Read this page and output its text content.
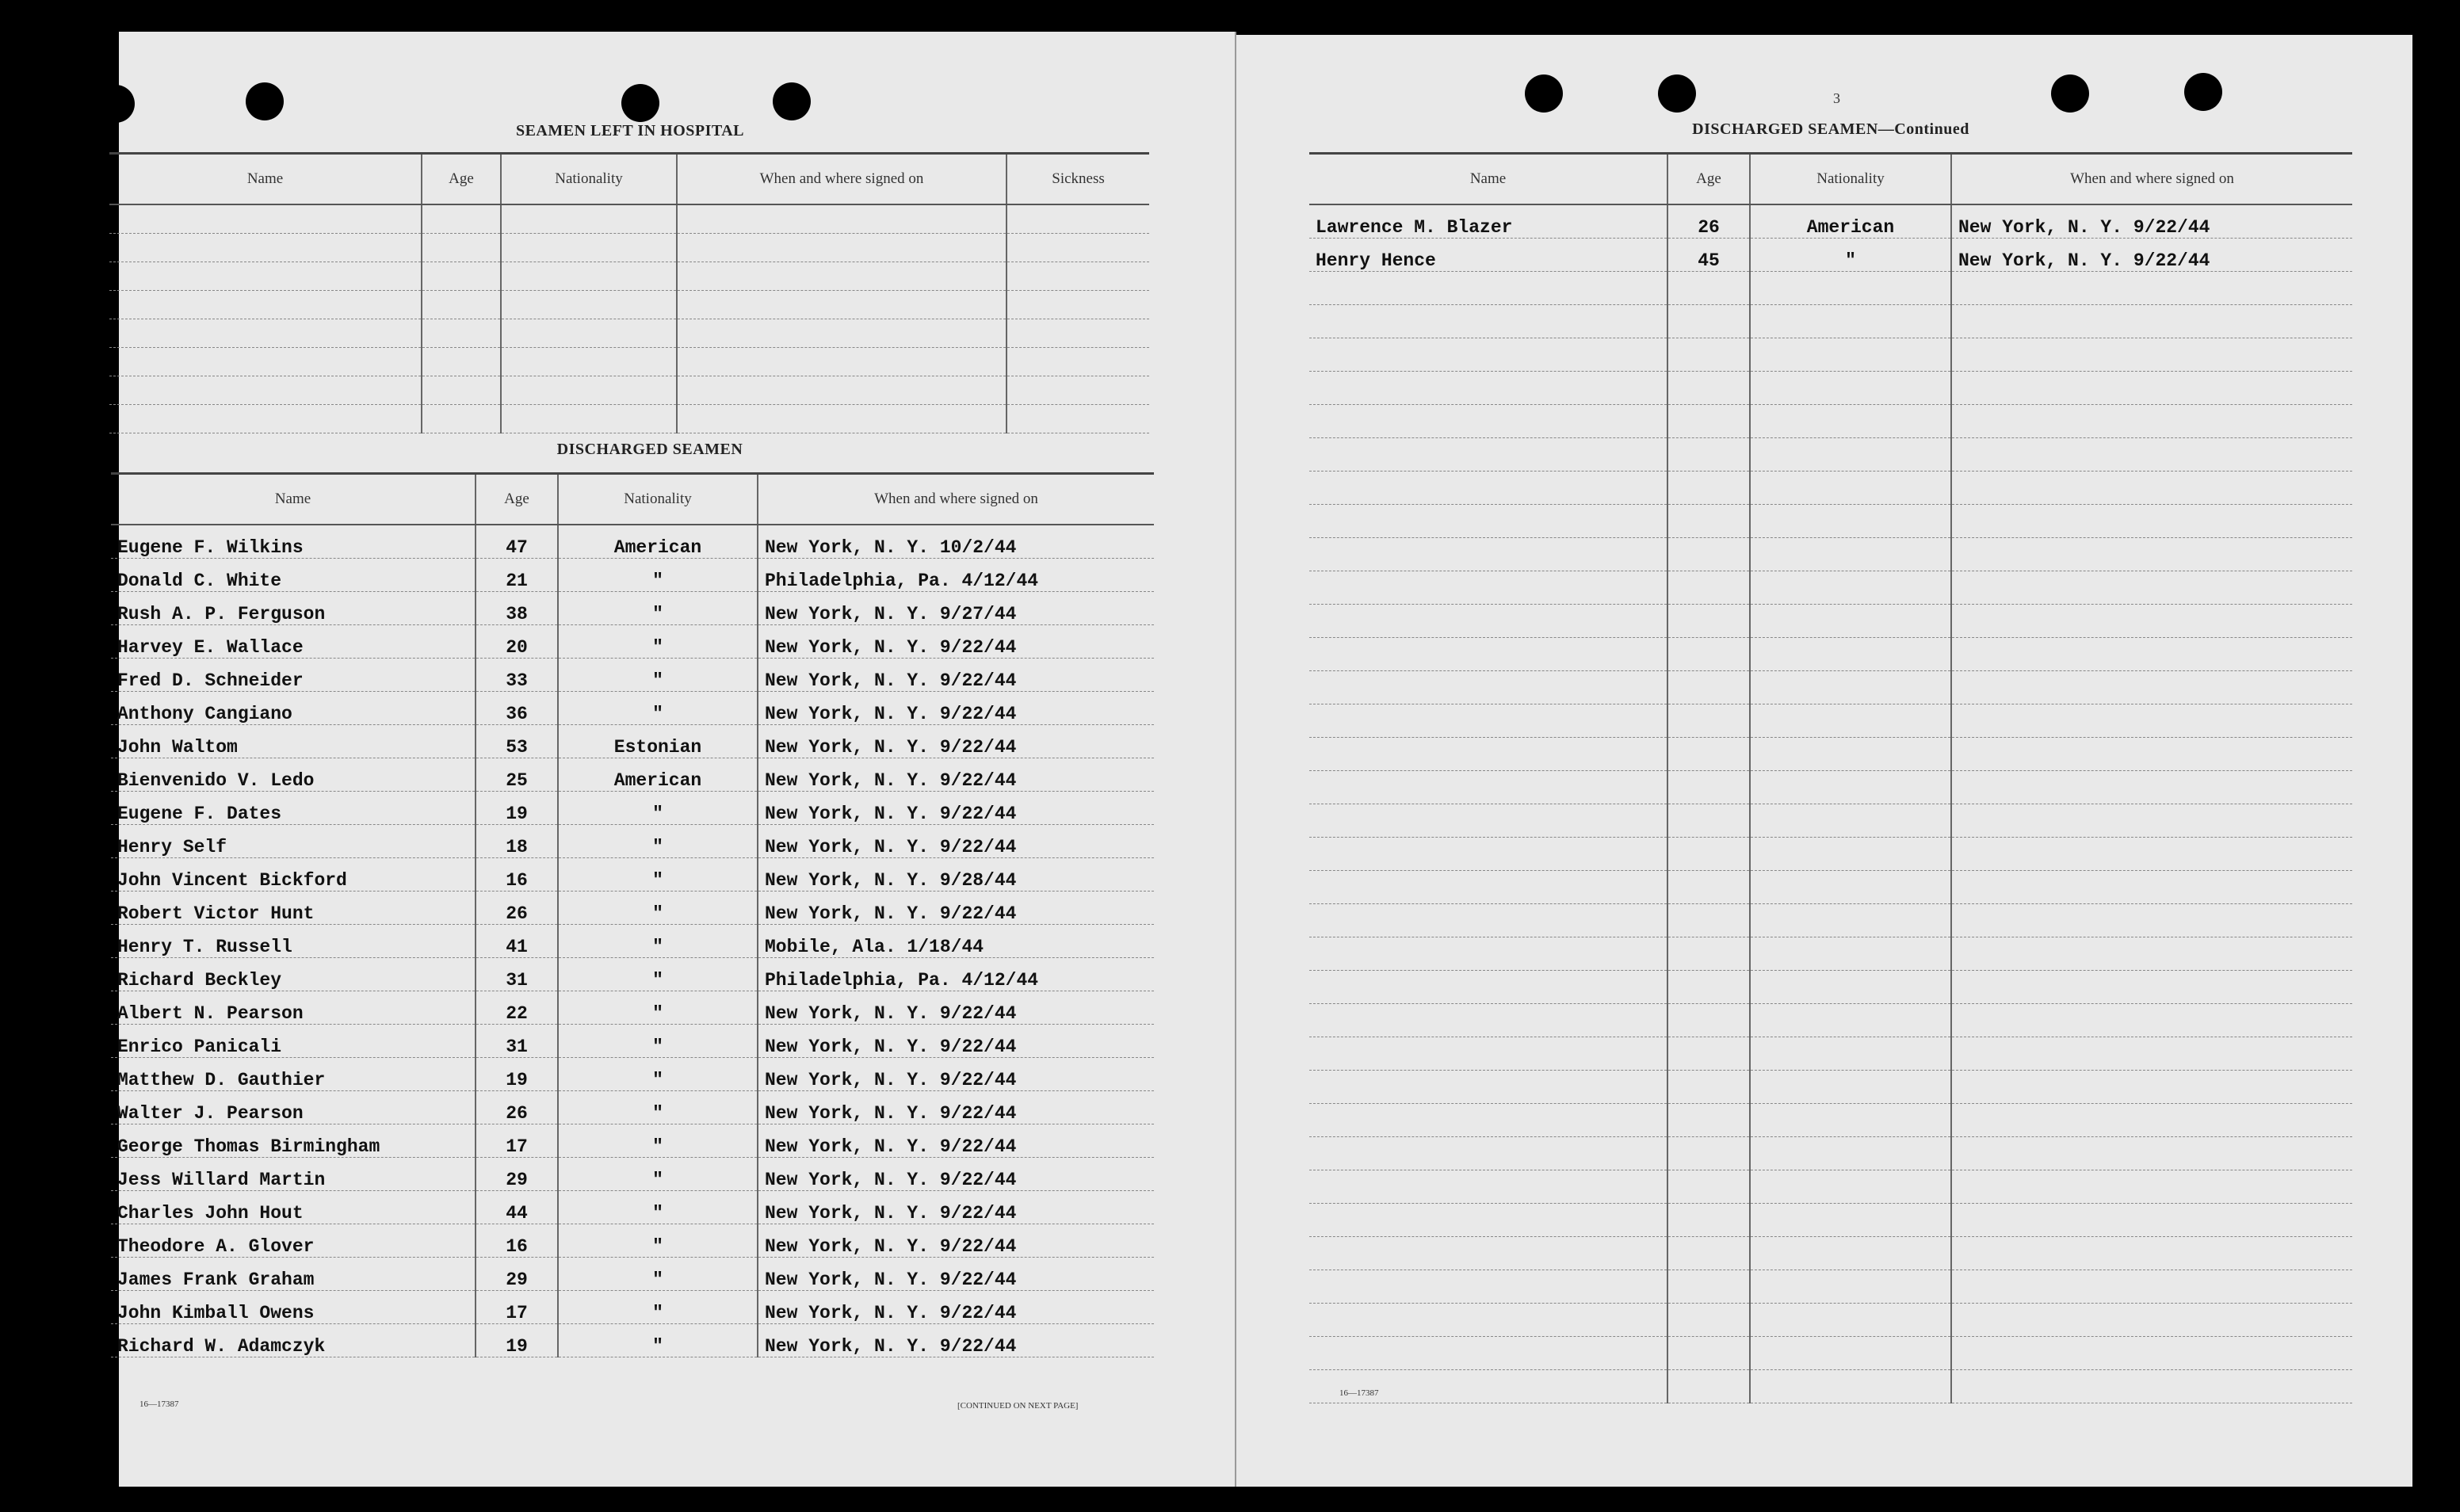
SEAMEN LEFT IN HOSPITAL
Name	Age	Nationality	When and where signed on	Sickness

DISCHARGED SEAMEN
Name	Age	Nationality	When and where signed on
Eugene F. Wilkins	47	American	New York, N. Y. 10/2/44
Donald C. White	21	"	Philadelphia, Pa. 4/12/44
Rush A. P. Ferguson	38	"	New York, N. Y. 9/27/44
Harvey E. Wallace	20	"	New York, N. Y. 9/22/44
Fred D. Schneider	33	"	New York, N. Y. 9/22/44
Anthony Cangiano	36	"	New York, N. Y. 9/22/44
John Waltom	53	Estonian	New York, N. Y. 9/22/44
Bienvenido V. Ledo	25	American	New York, N. Y. 9/22/44
Eugene F. Dates	19	"	New York, N. Y. 9/22/44
Henry Self	18	"	New York, N. Y. 9/22/44
John Vincent Bickford	16	"	New York, N. Y. 9/28/44
Robert Victor Hunt	26	"	New York, N. Y. 9/22/44
Henry T. Russell	41	"	Mobile, Ala. 1/18/44
Richard Beckley	31	"	Philadelphia, Pa. 4/12/44
Albert N. Pearson	22	"	New York, N. Y. 9/22/44
Enrico Panicali	31	"	New York, N. Y. 9/22/44
Matthew D. Gauthier	19	"	New York, N. Y. 9/22/44
Walter J. Pearson	26	"	New York, N. Y. 9/22/44
George Thomas Birmingham	17	"	New York, N. Y. 9/22/44
Jess Willard Martin	29	"	New York, N. Y. 9/22/44
Charles John Hout	44	"	New York, N. Y. 9/22/44
Theodore A. Glover	16	"	New York, N. Y. 9/22/44
James Frank Graham	29	"	New York, N. Y. 9/22/44
John Kimball Owens	17	"	New York, N. Y. 9/22/44
Richard W. Adamczyk	19	"	New York, N. Y. 9/22/44
16—17387	[CONTINUED ON NEXT PAGE]
3
DISCHARGED SEAMEN—Continued
Name	Age	Nationality	When and where signed on
Lawrence M. Blazer	26	American	New York, N. Y. 9/22/44
Henry Hence	45	"	New York, N. Y. 9/22/44

16—17387
